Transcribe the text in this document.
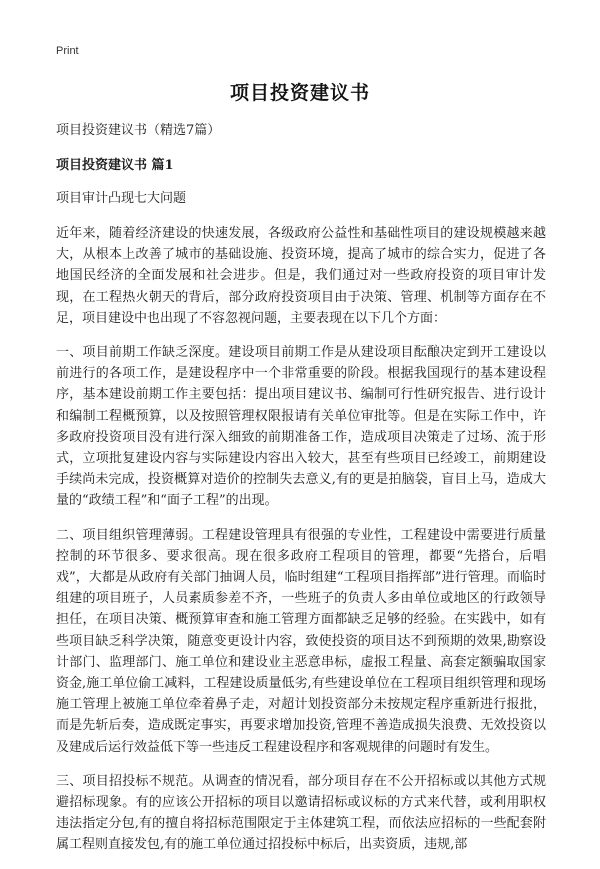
Print
项目投资建议书
项目投资建议书（精选7篇）
项目投资建议书 篇1
项目审计凸现七大问题

近年来，随着经济建设的快速发展，各级政府公益性和基础性项目的建设规模越来越大，从根本上改善了城市的基础设施、投资环境，提高了城市的综合实力，促进了各地国民经济的全面发展和社会进步。但是，我们通过对一些政府投资的项目审计发现，在工程热火朝天的背后，部分政府投资项目由于决策、管理、机制等方面存在不足，项目建设中也出现了不容忽视问题，主要表现在以下几个方面：

一、项目前期工作缺乏深度。建设项目前期工作是从建设项目酝酿决定到开工建设以前进行的各项工作，是建设程序中一个非常重要的阶段。根据我国现行的基本建设程序，基本建设前期工作主要包括：提出项目建议书、编制可行性研究报告、进行设计和编制工程概预算，以及按照管理权限报请有关单位审批等。但是在实际工作中，许多政府投资项目没有进行深入细致的前期准备工作，造成项目决策走了过场、流于形式，立项批复建设内容与实际建设内容出入较大，甚至有些项目已经竣工，前期建设手续尚未完成，投资概算对造价的控制失去意义,有的更是拍脑袋，盲目上马，造成大量的“政绩工程”和“面子工程”的出现。

二、项目组织管理薄弱。工程建设管理具有很强的专业性，工程建设中需要进行质量控制的环节很多、要求很高。现在很多政府工程项目的管理，都要“先搭台，后唱戏”，大都是从政府有关部门抽调人员，临时组建“工程项目指挥部”进行管理。而临时组建的项目班子，人员素质参差不齐，一些班子的负责人多由单位或地区的行政领导担任，在项目决策、概预算审查和施工管理方面都缺乏足够的经验。在实践中，如有些项目缺乏科学决策，随意变更设计内容，致使投资的项目达不到预期的效果,勘察设计部门、监理部门、施工单位和建设业主恶意串标，虚报工程量、高套定额骗取国家资金,施工单位偷工减料，工程建设质量低劣,有些建设单位在工程项目组织管理和现场施工管理上被施工单位牵着鼻子走，对超计划投资部分未按规定程序重新进行报批，而是先斩后奏，造成既定事实，再要求增加投资,管理不善造成损失浪费、无效投资以及建成后运行效益低下等一些违反工程建设程序和客观规律的问题时有发生。

三、项目招投标不规范。从调查的情况看，部分项目存在不公开招标或以其他方式规避招标现象。有的应该公开招标的项目以邀请招标或议标的方式来代替，或利用职权违法指定分包,有的擅自将招标范围限定于主体建筑工程，而依法应招标的一些配套附属工程则直接发包,有的施工单位通过招投标中标后，出卖资质，违规,部
